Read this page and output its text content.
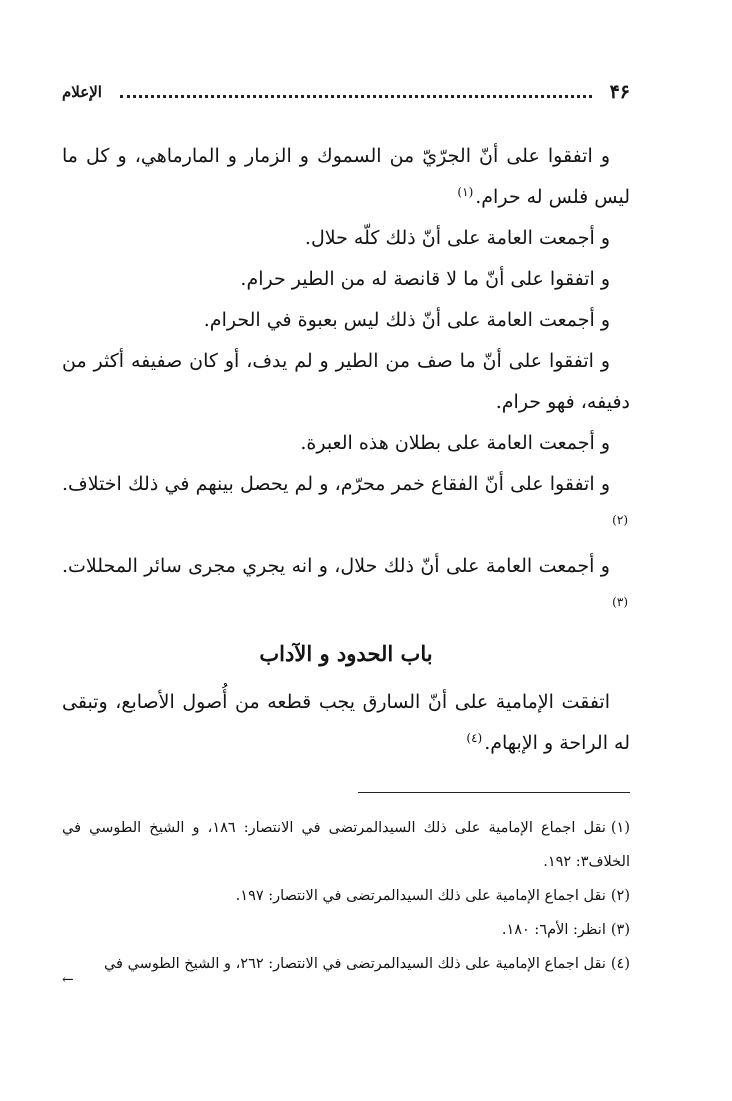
۴۶
الإعلام

و اتفقوا على أنّ الجرّيّ من السموك و الزمار و المارماهي، و كل ما ليس فلس له حرام.$^{(١)}$

و أجمعت العامة على أنّ ذلك كلّه حلال.

و اتفقوا على أنّ ما لا قانصة له من الطير حرام.

و أجمعت العامة على أنّ ذلك ليس بعبوة في الحرام.

و اتفقوا على أنّ ما صف من الطير و لم يدف، أو كان صفيفه أكثر من دفيفه، فهو حرام.

و أجمعت العامة على بطلان هذه العبرة.

و اتفقوا على أنّ الفقاع خمر محرّم، و لم يحصل بينهم في ذلك اختلاف.$^{(٢)}$

و أجمعت العامة على أنّ ذلك حلال، و انه يجري مجرى سائر المحللات.$^{(٣)}$

باب الحدود و الآداب

اتفقت الإمامية على أنّ السارق يجب قطعه من أُصول الأصابع، وتبقى له الراحة و الإبهام.$^{(٤)}$

(١)نقل اجماع الإمامية على ذلك السيدالمرتضى في الانتصار: ١٨٦، و الشيخ الطوسي في الخلاف٣: ١٩٢.

(٢)نقل اجماع الإمامية على ذلك السيدالمرتضى في الانتصار: ١٩٧.

(٣)انظر: الأم٦: ١٨٠.

(٤)نقل اجماع الإمامية على ذلك السيدالمرتضى في الانتصار: ٢٦٢، و الشيخ الطوسي في

←
